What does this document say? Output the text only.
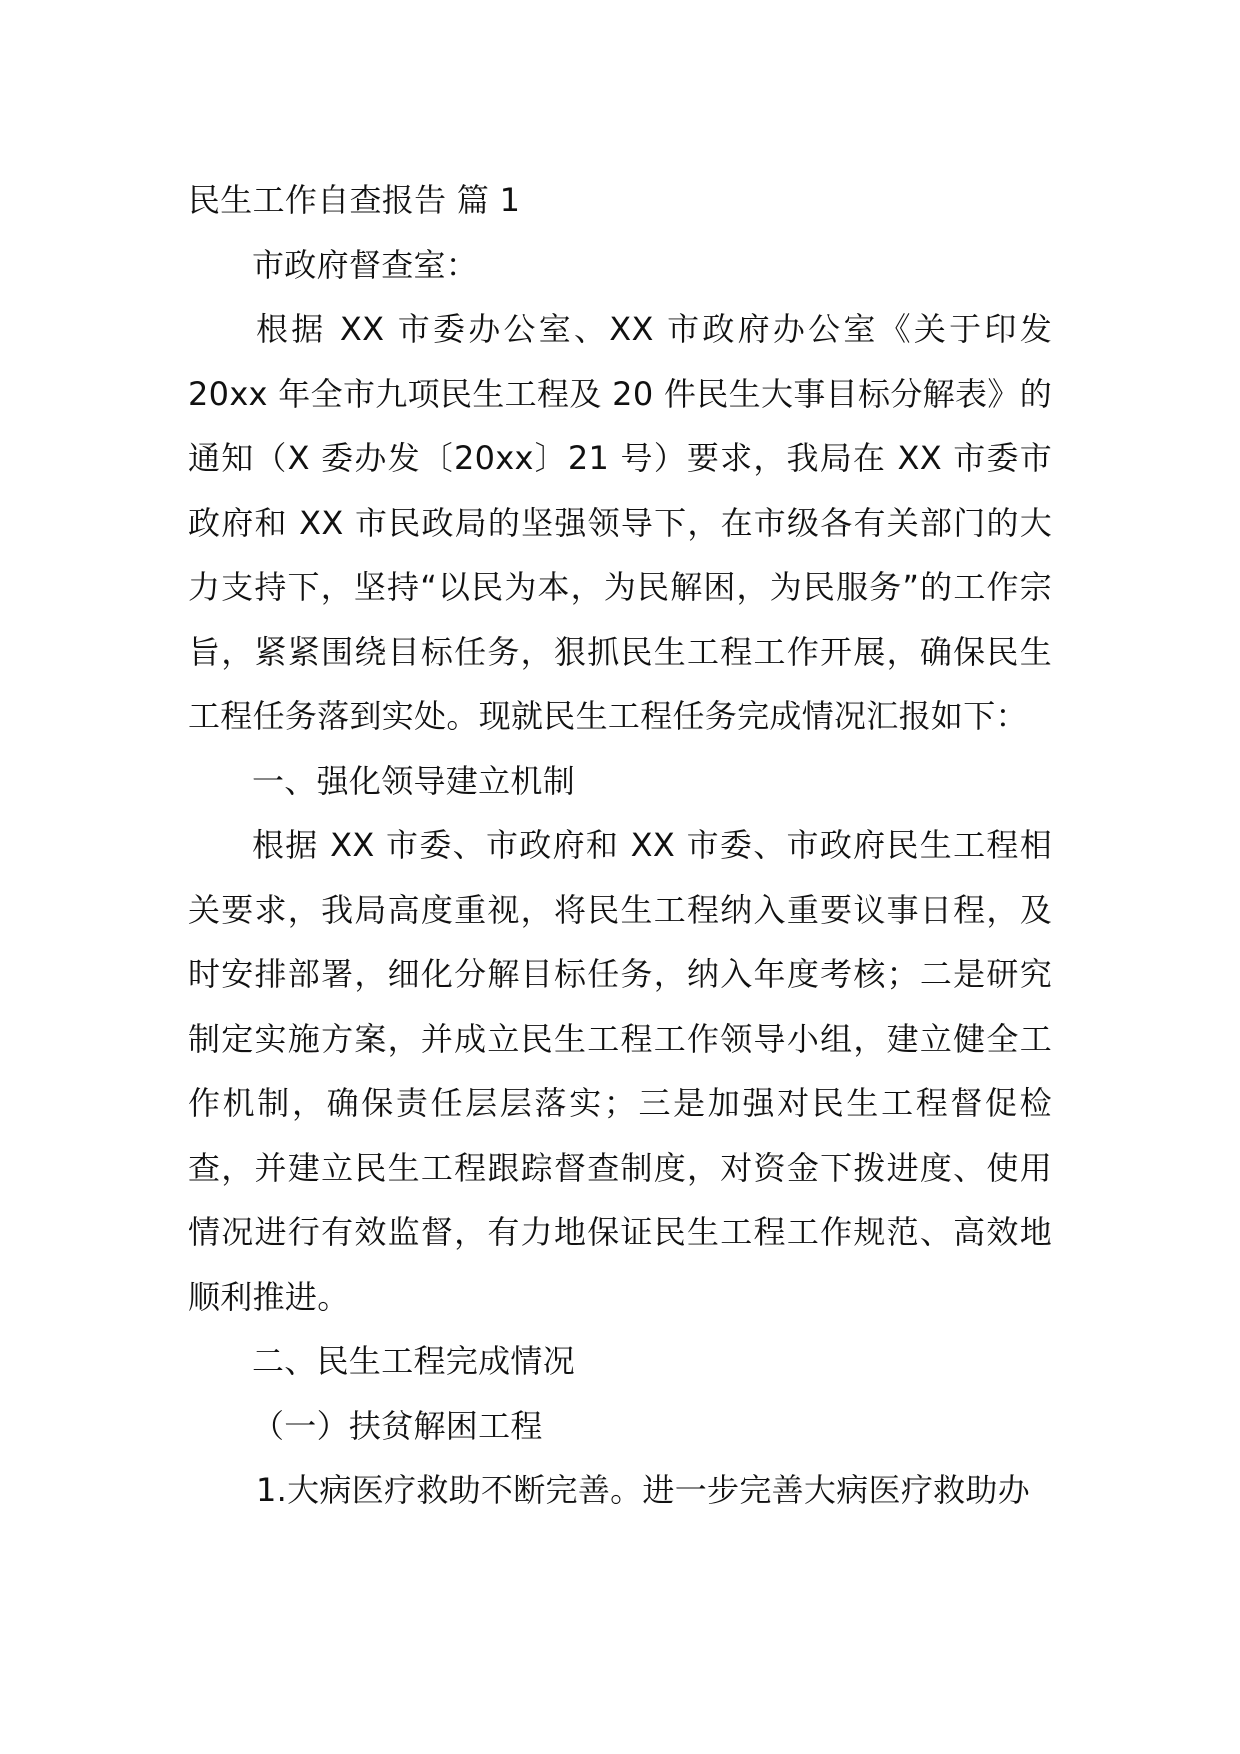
民生工作自查报告 篇 1

市政府督查室：

根据 XX 市委办公室、XX 市政府办公室《关于印发 20xx 年全市九项民生工程及 20 件民生大事目标分解表》的通知（X 委办发〔20xx〕21 号）要求，我局在 XX 市委市政府和 XX 市民政局的坚强领导下，在市级各有关部门的大力支持下，坚持“以民为本，为民解困，为民服务”的工作宗旨，紧紧围绕目标任务，狠抓民生工程工作开展，确保民生工程任务落到实处。现就民生工程任务完成情况汇报如下：

一、强化领导建立机制

根据 XX 市委、市政府和 XX 市委、市政府民生工程相关要求，我局高度重视，将民生工程纳入重要议事日程，及时安排部署，细化分解目标任务，纳入年度考核；二是研究制定实施方案，并成立民生工程工作领导小组，建立健全工作机制，确保责任层层落实；三是加强对民生工程督促检查，并建立民生工程跟踪督查制度，对资金下拨进度、使用情况进行有效监督，有力地保证民生工程工作规范、高效地顺利推进。

二、民生工程完成情况

（一）扶贫解困工程

1.大病医疗救助不断完善。进一步完善大病医疗救助办
